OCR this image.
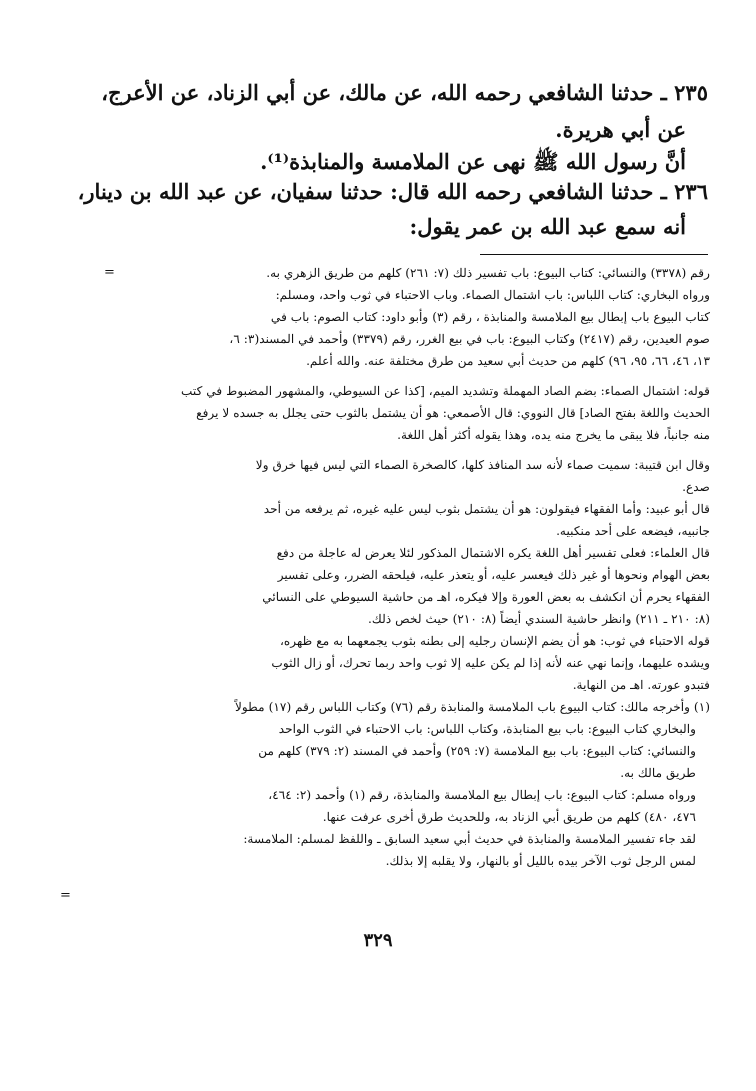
٢٣٥ ـ حدثنا الشافعي رحمه الله، عن مالك، عن أبي الزناد، عن الأعرج،

عن أبي هريرة.

أنَّ رسول الله ﷺ نهى عن الملامسة والمنابذة⁽¹⁾.

٢٣٦ ـ حدثنا الشافعي رحمه الله قال: حدثنا سفيان، عن عبد الله بن دينار،

أنه سمع عبد الله بن عمر يقول:

=	رقم (٣٣٧٨) والنسائي: كتاب البيوع: باب تفسير ذلك (٧: ٢٦١) كلهم من طريق الزهري به.

ورواه البخاري: كتاب اللباس: باب اشتمال الصماء. وباب الاحتباء في ثوب واحد، ومسلم:

كتاب البيوع باب إبطال بيع الملامسة والمنابذة ، رقم (٣) وأبو داود: كتاب الصوم: باب في

صوم العيدين، رقم (٢٤١٧) وكتاب البيوع: باب في بيع الغرر، رقم (٣٣٧٩) وأحمد في المسند(٣: ٦،

١٣، ٤٦، ٦٦، ٩٥، ٩٦) كلهم من حديث أبي سعيد من طرق مختلفة عنه. والله أعلم.

قوله: اشتمال الصماء: بضم الصاد المهملة وتشديد الميم، [كذا عن السيوطي، والمشهور المضبوط في كتب

الحديث واللغة بفتح الصاد] قال النووي: قال الأصمعي: هو أن يشتمل بالثوب حتى يجلل به جسده لا يرفع

منه جانباً، فلا يبقى ما يخرج منه يده، وهذا يقوله أكثر أهل اللغة.

وقال ابن قتيبة: سميت صماء لأنه سد المنافذ كلها، كالصخرة الصماء التي ليس فيها خرق ولا

صدع.

قال أبو عبيد: وأما الفقهاء فيقولون: هو أن يشتمل بثوب ليس عليه غيره، ثم يرفعه من أحد

جانبيه، فيضعه على أحد منكبيه.

قال العلماء: فعلى تفسير أهل اللغة يكره الاشتمال المذكور لئلا يعرض له عاجلة من دفع

بعض الهوام ونحوها أو غير ذلك فيعسر عليه، أو يتعذر عليه، فيلحقه الضرر، وعلى تفسير

الفقهاء يحرم أن انكشف به بعض العورة وإلا فيكره، اهـ من حاشية السيوطي على النسائي

(٨: ٢١٠ ـ ٢١١) وانظر حاشية السندي أيضاً (٨: ٢١٠) حيث لخص ذلك.

قوله الاحتباء في ثوب: هو أن يضم الإنسان رجليه إلى بطنه بثوب يجمعهما به مع ظهره،

ويشده عليهما، وإنما نهي عنه لأنه إذا لم يكن عليه إلا ثوب واحد ربما تحرك، أو زال الثوب

فتبدو عورته. اهـ من النهاية.

(١) وأخرجه مالك: كتاب البيوع باب الملامسة والمنابذة رقم (٧٦) وكتاب اللباس رقم (١٧) مطولاً

والبخاري كتاب البيوع: باب بيع المنابذة، وكتاب اللباس: باب الاحتباء في الثوب الواحد

والنسائي: كتاب البيوع: باب بيع الملامسة (٧: ٢٥٩) وأحمد في المسند (٢: ٣٧٩) كلهم من

طريق مالك به.

ورواه مسلم: كتاب البيوع: باب إبطال بيع الملامسة والمنابذة، رقم (١) وأحمد (٢: ٤٦٤،

٤٧٦، ٤٨٠) كلهم من طريق أبي الزناد به، وللحديث طرق أخرى عرفت عنها.

لقد جاء تفسير الملامسة والمنابذة في حديث أبي سعيد السابق ـ واللفظ لمسلم: الملامسة:

لمس الرجل ثوب الآخر بيده بالليل أو بالنهار، ولا يقلبه إلا بذلك.

=
٣٢٩
